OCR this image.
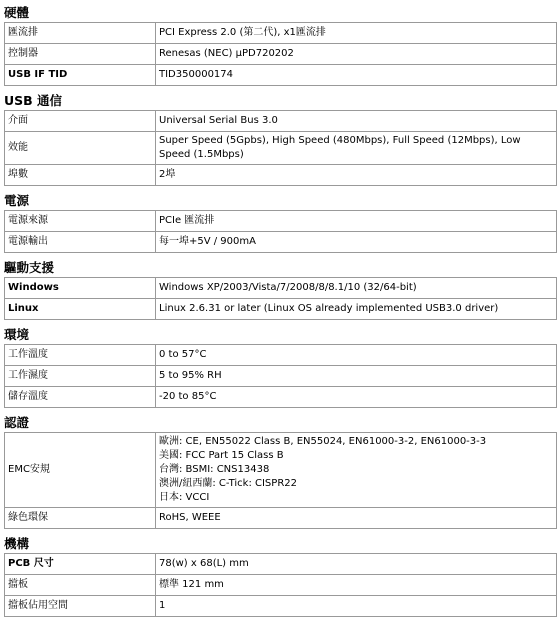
硬體
匯流排	PCI Express 2.0 (第二代), x1匯流排
控制器	Renesas (NEC) μPD720202
USB IF TID	TID350000174
USB 通信
介面	Universal Serial Bus 3.0
效能	Super Speed (5Gpbs), High Speed (480Mbps), Full Speed (12Mbps), Low Speed (1.5Mbps)
埠數	2埠
電源
電源來源	PCIe 匯流排
電源輸出	每一埠+5V / 900mA
驅動支援
Windows	Windows XP/2003/Vista/7/2008/8/8.1/10 (32/64-bit)
Linux	Linux 2.6.31 or later (Linux OS already implemented USB3.0 driver)
環境
工作溫度	0 to 57°C
工作濕度	5 to 95% RH
儲存溫度	-20 to 85°C
認證
EMC安規	歐洲: CE, EN55022 Class B, EN55024, EN61000-3-2, EN61000-3-3
美國: FCC Part 15 Class B
台灣: BSMI: CNS13438
澳洲/紐西蘭: C-Tick: CISPR22
日本: VCCI

綠色環保	RoHS, WEEE
機構
PCB 尺寸	78(w) x 68(L) mm
擋板	標準 121 mm
擋板佔用空間	1
